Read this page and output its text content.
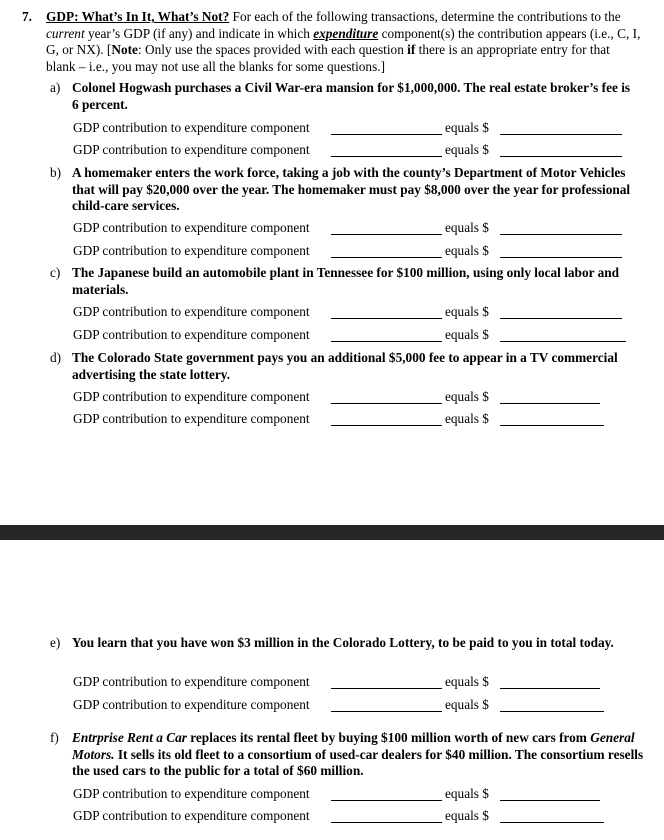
7. GDP: What’s In It, What’s Not? For each of the following transactions, determine the contributions to the current year’s GDP (if any) and indicate in which expenditure component(s) the contribution appears (i.e., C, I, G, or NX). [Note: Only use the spaces provided with each question if there is an appropriate entry for that blank – i.e., you may not use all the blanks for some questions.]
a) Colonel Hogwash purchases a Civil War-era mansion for $1,000,000. The real estate broker’s fee is 6 percent.
GDP contribution to expenditure component	equals $
GDP contribution to expenditure component	equals $
b) A homemaker enters the work force, taking a job with the county’s Department of Motor Vehicles that will pay $20,000 over the year. The homemaker must pay $8,000 over the year for professional child-care services.
GDP contribution to expenditure component	equals $
GDP contribution to expenditure component	equals $
c) The Japanese build an automobile plant in Tennessee for $100 million, using only local labor and materials.
GDP contribution to expenditure component	equals $
GDP contribution to expenditure component	equals $
d) The Colorado State government pays you an additional $5,000 fee to appear in a TV commercial advertising the state lottery.
GDP contribution to expenditure component	equals $
GDP contribution to expenditure component	equals $
e) You learn that you have won $3 million in the Colorado Lottery, to be paid to you in total today.
GDP contribution to expenditure component	equals $
GDP contribution to expenditure component	equals $
f) Entrprise Rent a Car replaces its rental fleet by buying $100 million worth of new cars from General Motors. It sells its old fleet to a consortium of used-car dealers for $40 million. The consortium resells the used cars to the public for a total of $60 million.
GDP contribution to expenditure component	equals $
GDP contribution to expenditure component	equals $
